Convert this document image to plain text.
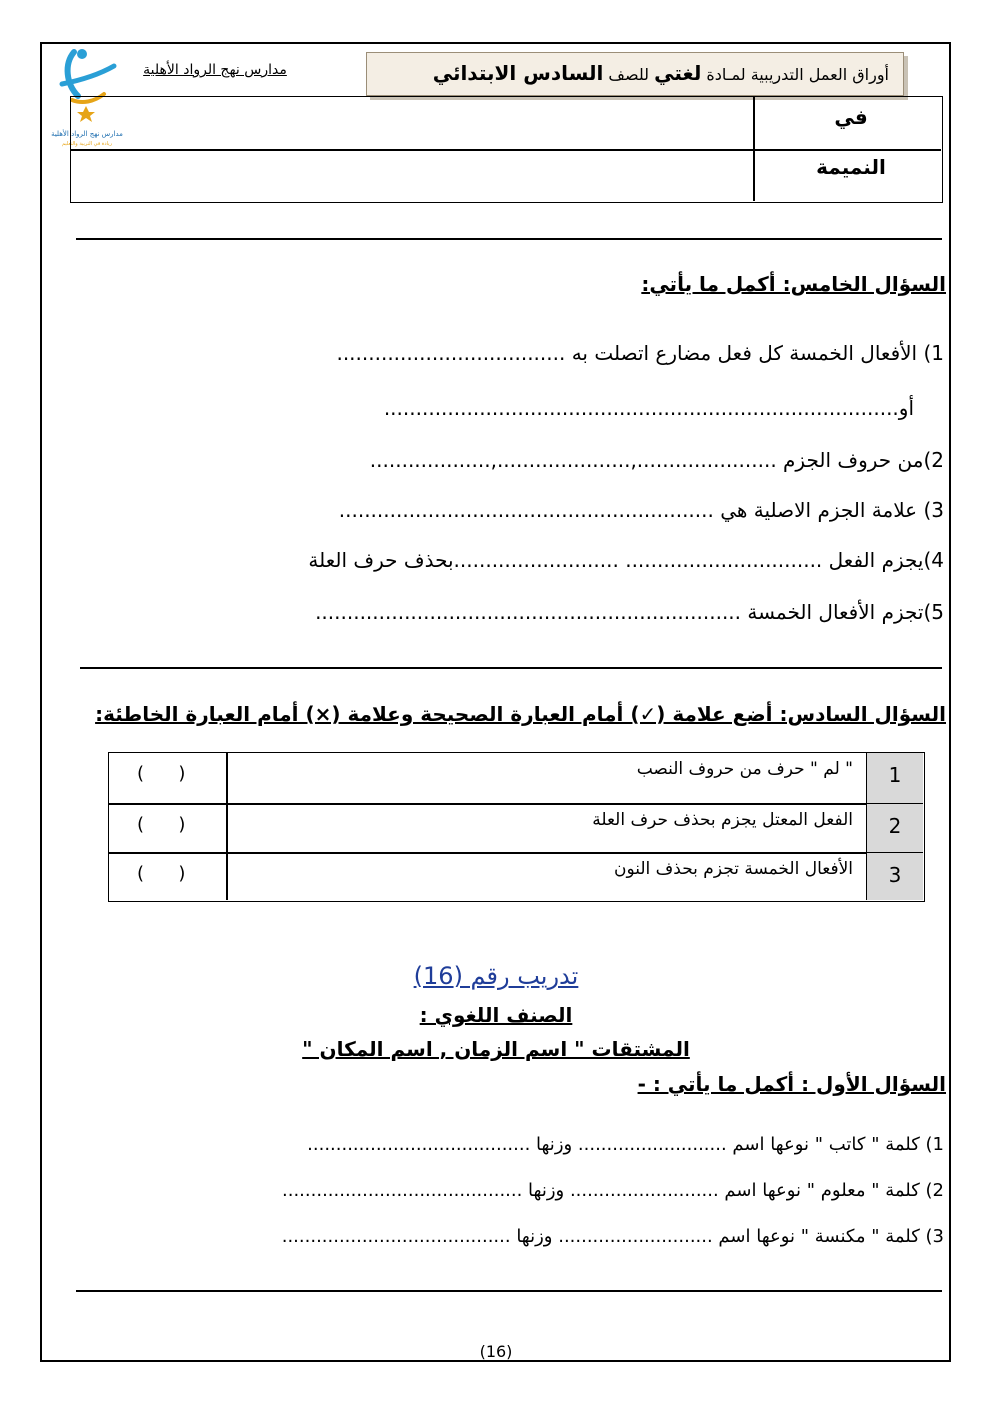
مدارس نهج الرواد الأهلية
ريادة في التربية والتعليم
مدارس نهج الرواد الأهلية	أوراق العمل التدريبية لمـادة لغتي للصف السادس الابتدائي
في
النميمة
السؤال الخامس: أكمل ما يأتي:
1) الأفعال الخمسة كل فعل مضارع اتصلت به ....................................
أو.................................................................................
2)من حروف الجزم ......................,.....................,...................
3) علامة الجزم الاصلية هي ...........................................................
4)يجزم الفعل ............................... ..........................بحذف حرف العلة
5)تجزم الأفعال الخمسة ...................................................................
السؤال السادس: أضع علامة (✓) أمام العبارة الصحيحة وعلامة (×) أمام العبارة الخاطئة:
1
" لم " حرف من حروف النصب
(      )
2
الفعل المعتل يجزم بحذف حرف العلة
(      )
3
الأفعال الخمسة تجزم بحذف النون
(      )
تدريب رقم (16)
الصنف اللغوي :
المشتقات " اسم الزمان , اسم المكان "
السؤال الأول : أكمل ما يأتي : -
1) كلمة " كاتب " نوعها اسم .......................... وزنها .......................................
2) كلمة " معلوم " نوعها اسم .......................... وزنها ..........................................
3) كلمة " مكنسة " نوعها اسم ........................... وزنها ........................................
(16)
